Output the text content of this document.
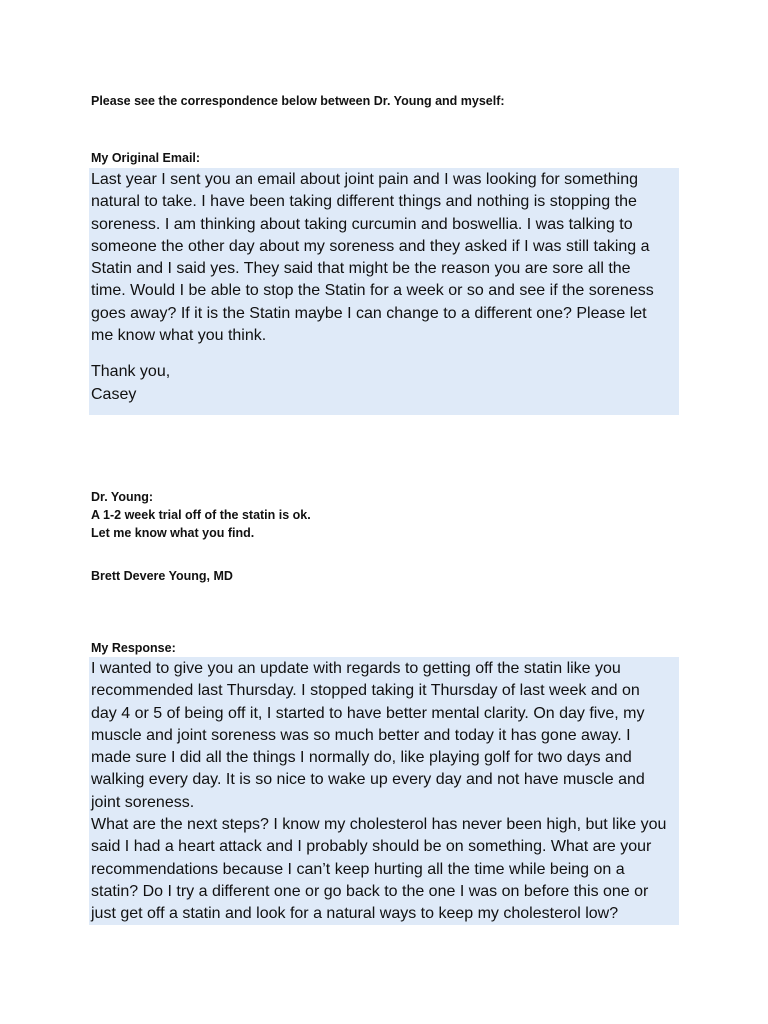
Please see the correspondence below between Dr. Young and myself:
My Original Email:

Last year I sent you an email about joint pain and I was looking for something

natural to take. I have been taking different things and nothing is stopping the

soreness. I am thinking about taking curcumin and boswellia. I was talking to

someone the other day about my soreness and they asked if I was still taking a

Statin and I said yes. They said that might be the reason you are sore all the

time. Would I be able to stop the Statin for a week or so and see if the soreness

goes away? If it is the Statin maybe I can change to a different one? Please let

me know what you think.

Thank you,

Casey

Dr. Young:

A 1-2 week trial off of the statin is ok.

Let me know what you find.

Brett Devere Young, MD
My Response:

I wanted to give you an update with regards to getting off the statin like you

recommended last Thursday. I stopped taking it Thursday of last week and on

day 4 or 5 of being off it, I started to have better mental clarity. On day five, my

muscle and joint soreness was so much better and today it has gone away. I

made sure I did all the things I normally do, like playing golf for two days and

walking every day. It is so nice to wake up every day and not have muscle and

joint soreness.

What are the next steps? I know my cholesterol has never been high, but like you

said I had a heart attack and I probably should be on something. What are your

recommendations because I can’t keep hurting all the time while being on a

statin? Do I try a different one or go back to the one I was on before this one or

just get off a statin and look for a natural ways to keep my cholesterol low?
